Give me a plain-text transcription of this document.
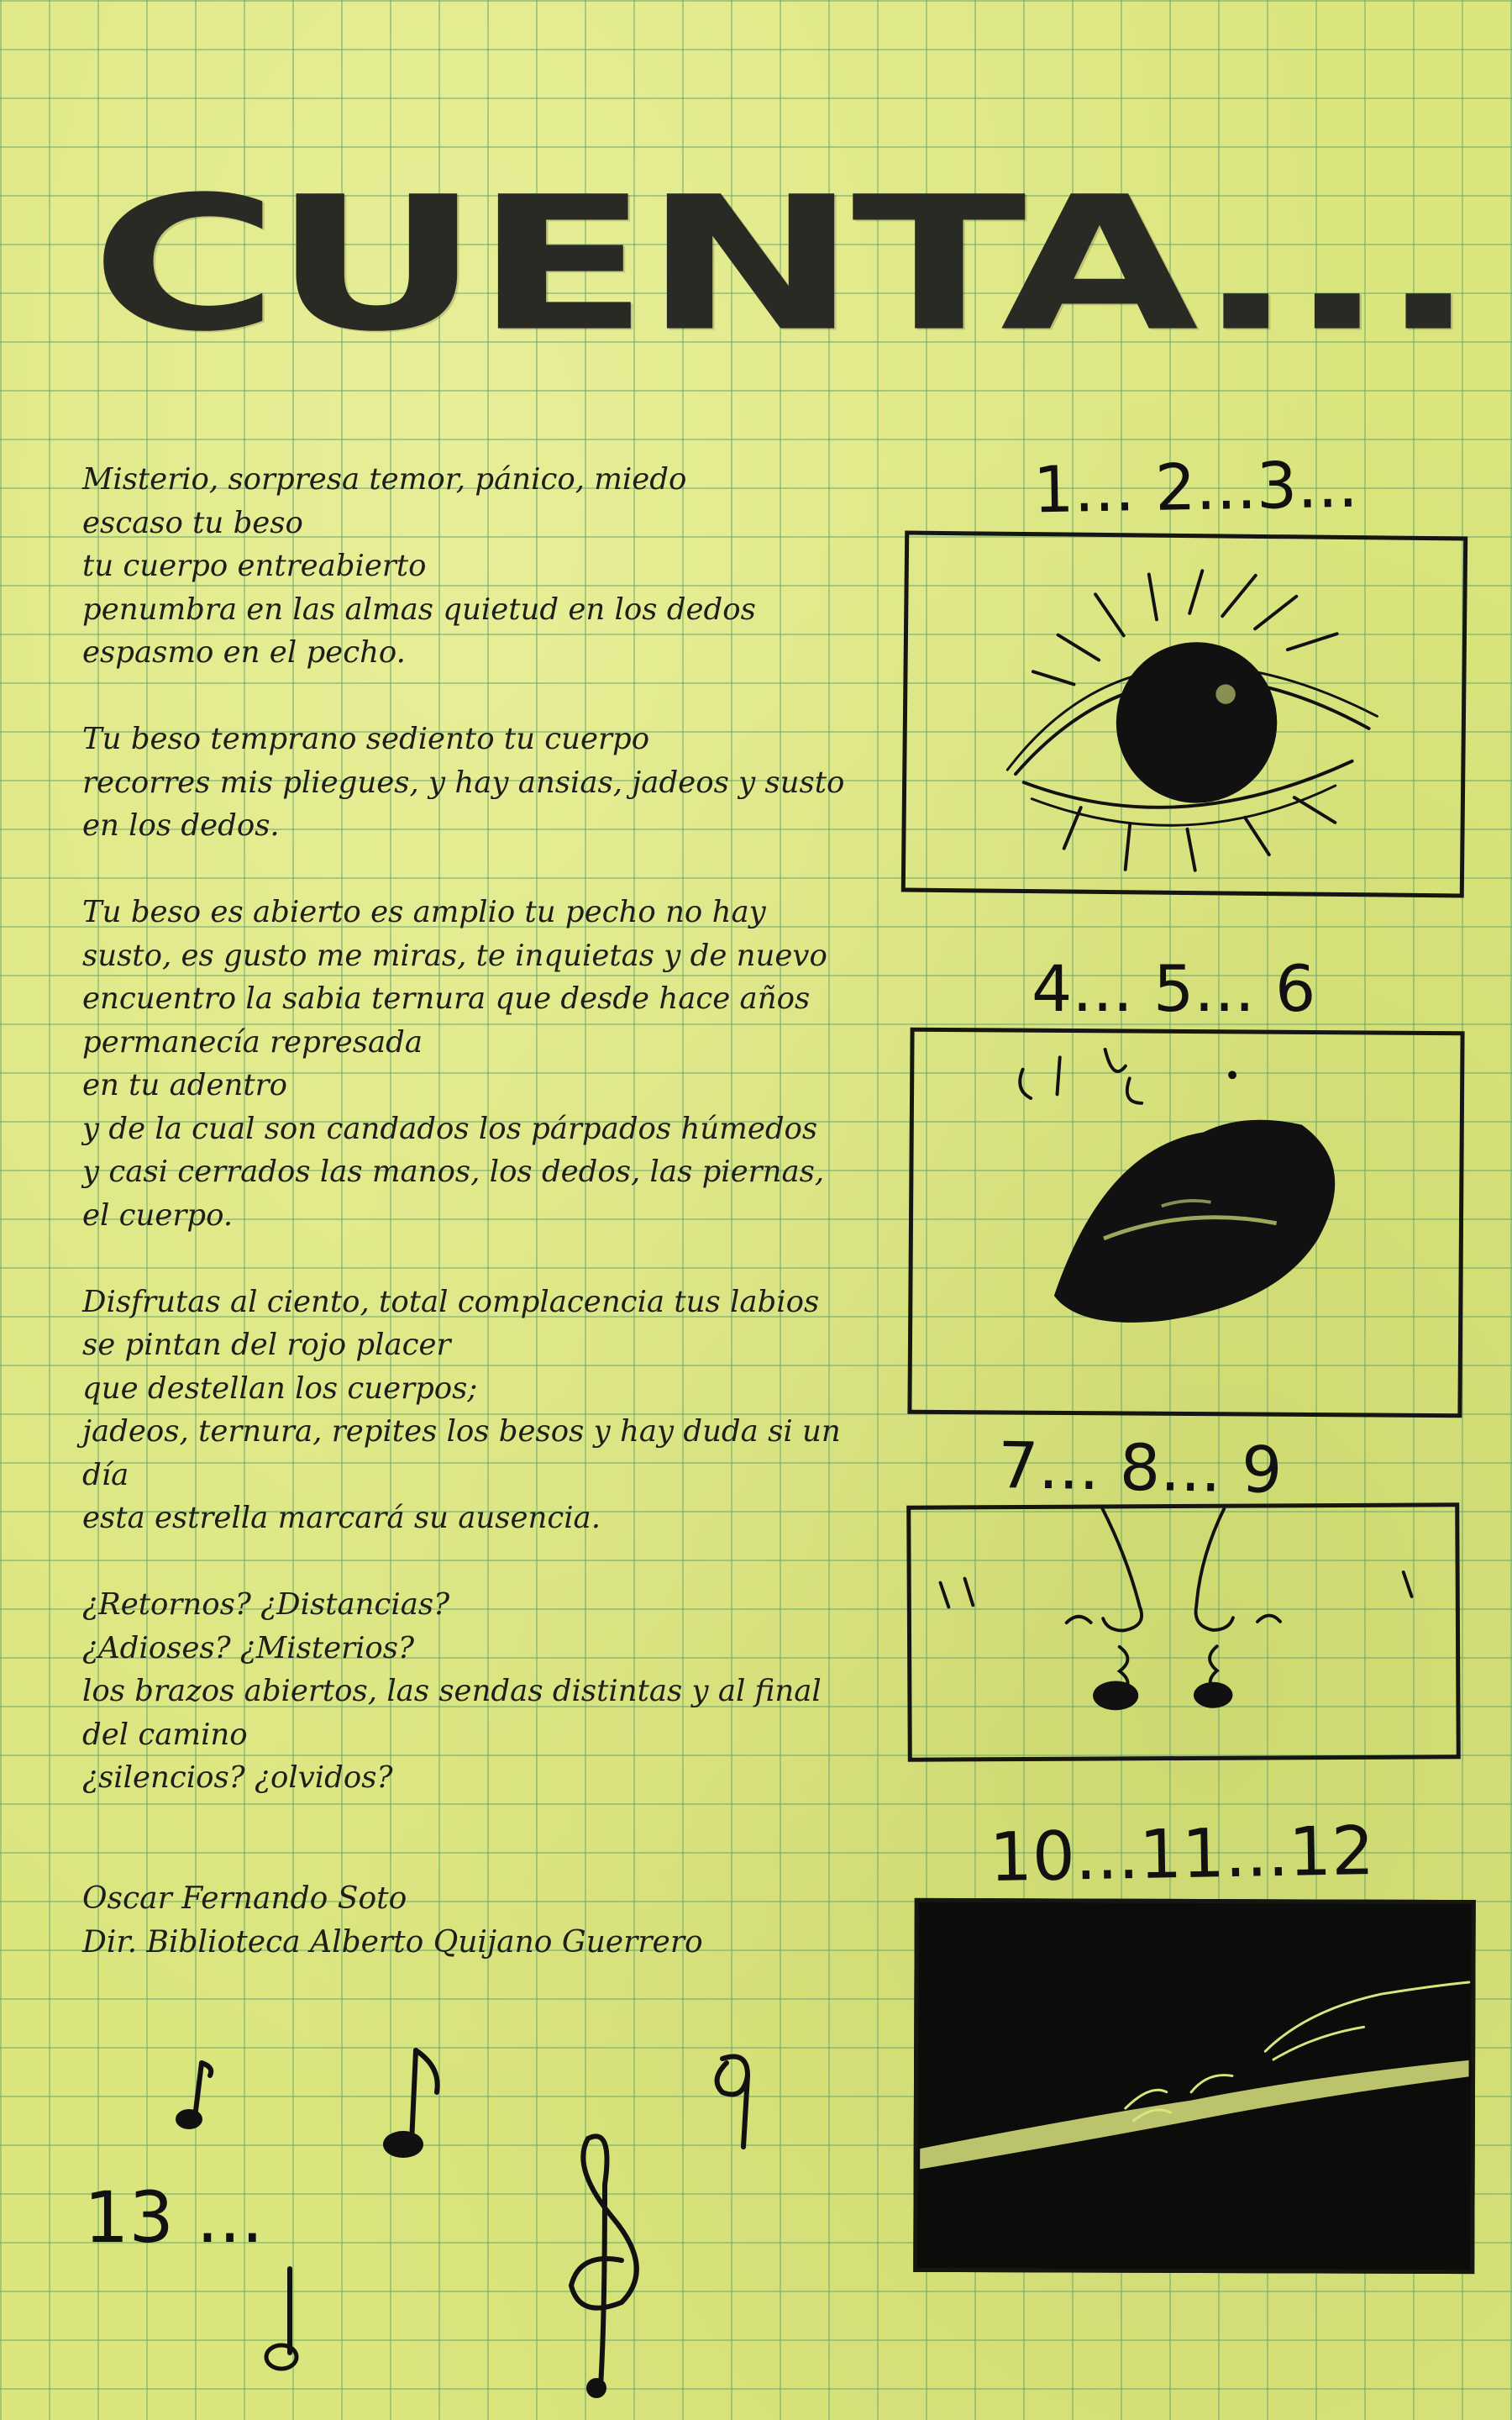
CUENTA...
Misterio, sorpresa temor, pánico, miedo
escaso tu beso
tu cuerpo entreabierto
penumbra en las almas quietud en los dedos
espasmo en el pecho.
Tu beso temprano sediento tu cuerpo
recorres mis pliegues, y hay ansias, jadeos y susto
en los dedos.
Tu beso es abierto es amplio tu pecho no hay
susto, es gusto me miras, te inquietas y de nuevo
encuentro la sabia ternura que desde hace años
permanecía represada
en tu adentro
y de la cual son candados los párpados húmedos
y casi cerrados las manos, los dedos, las piernas,
el cuerpo.
Disfrutas al ciento, total complacencia tus labios
se pintan del rojo placer
que destellan los cuerpos;
jadeos, ternura, repites los besos y hay duda si un
día
esta estrella marcará su ausencia.
¿Retornos? ¿Distancias?
¿Adioses? ¿Misterios?
los brazos abiertos, las sendas distintas y al final
del camino
¿silencios? ¿olvidos?
Oscar Fernando Soto
Dir. Biblioteca Alberto Quijano Guerrero
1... 2...3...
4... 5... 6
7... 8... 9
10...11...12
13 ...
